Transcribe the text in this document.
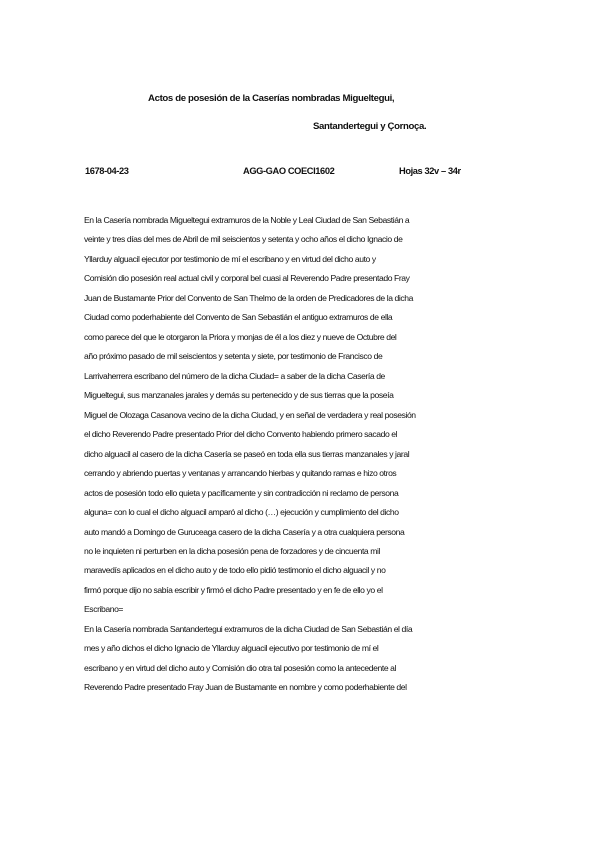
Actos de posesión de la Caserías nombradas Migueltegui,
Santandertegui y Çornoça.
1678-04-23	AGG-GAO COECI1602	Hojas 32v – 34r
En la Casería nombrada Migueltegui extramuros de la Noble y Leal Ciudad de San Sebastián a
veinte y tres días del mes de Abril de mil seiscientos y setenta y ocho años el dicho Ignacio de
Yllarduy alguacil ejecutor por testimonio de mí el escribano y en virtud del dicho auto y
Comisión dio posesión real actual civil y corporal bel cuasi al Reverendo Padre presentado Fray
Juan de Bustamante Prior del Convento de San Thelmo de la orden de Predicadores de la dicha
Ciudad como poderhabiente del Convento de San Sebastián el antiguo extramuros de ella
como parece del que le otorgaron la Priora y monjas de él a los diez y nueve de Octubre del
año próximo pasado de mil seiscientos y setenta y siete, por testimonio de Francisco de
Larrivaherrera escribano del número de la dicha Ciudad= a saber de la dicha Casería de
Migueltegui, sus manzanales jarales y demás su pertenecido y de sus tierras que la poseía
Miguel de Olozaga Casanova vecino de la dicha Ciudad, y en señal de verdadera y real posesión
el dicho Reverendo Padre presentado Prior del dicho Convento habiendo primero sacado el
dicho alguacil al casero de la dicha Casería se paseó en toda ella sus tierras manzanales y jaral
cerrando y abriendo puertas y ventanas y arrancando hierbas y quitando ramas e hizo otros
actos de posesión todo ello quieta y pacíficamente y sin contradicción ni reclamo de persona
alguna= con lo cual el dicho alguacil amparó al dicho (…) ejecución y cumplimiento del dicho
auto mandó a Domingo de Guruceaga casero de la dicha Casería y a otra cualquiera persona
no le inquieten ni perturben en la dicha posesión pena de forzadores y de cincuenta mil
maravedís aplicados en el dicho auto y de todo ello pidió testimonio el dicho alguacil y no
firmó porque dijo no sabía escribir y firmó el dicho Padre presentado y en fe de ello yo el
Escribano=
En la Casería nombrada Santandertegui extramuros de la dicha Ciudad de San Sebastián el día
mes y año dichos el dicho Ignacio de Yllarduy alguacil ejecutivo por testimonio de mí el
escribano y en virtud del dicho auto y Comisión dio otra tal posesión como la antecedente al
Reverendo Padre presentado Fray Juan de Bustamante en nombre y como poderhabiente del
